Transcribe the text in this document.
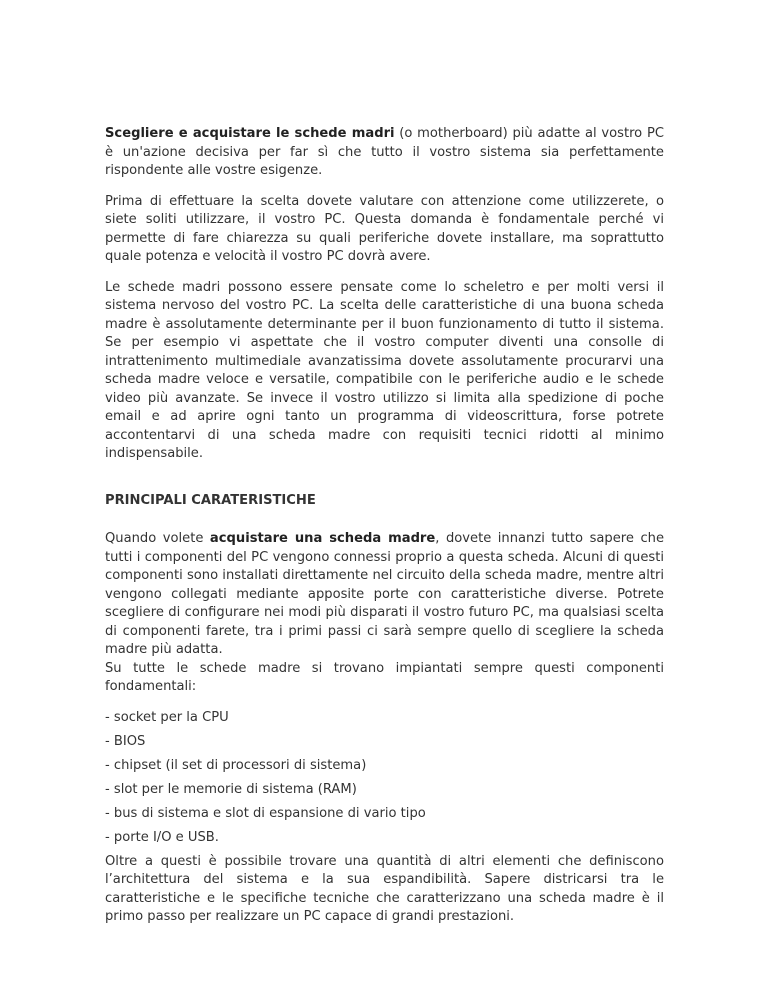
Scegliere e acquistare le schede madri (o motherboard) più adatte al vostro PC è un'azione decisiva per far sì che tutto il vostro sistema sia perfettamente rispondente alle vostre esigenze.

Prima di effettuare la scelta dovete valutare con attenzione come utilizzerete, o siete soliti utilizzare, il vostro PC. Questa domanda è fondamentale perché vi permette di fare chiarezza su quali periferiche dovete installare, ma soprattutto quale potenza e velocità il vostro PC dovrà avere.

Le schede madri possono essere pensate come lo scheletro e per molti versi il sistema nervoso del vostro PC. La scelta delle caratteristiche di una buona scheda madre è assolutamente determinante per il buon funzionamento di tutto il sistema. Se per esempio vi aspettate che il vostro computer diventi una consolle di intrattenimento multimediale avanzatissima dovete assolutamente procurarvi una scheda madre veloce e versatile, compatibile con le periferiche audio e le schede video più avanzate. Se invece il vostro utilizzo si limita alla spedizione di poche email e ad aprire ogni tanto un programma di videoscrittura, forse potrete accontentarvi di una scheda madre con requisiti tecnici ridotti al minimo indispensabile.

PRINCIPALI CARATERISTICHE

Quando volete acquistare una scheda madre, dovete innanzi tutto sapere che tutti i componenti del PC vengono connessi proprio a questa scheda. Alcuni di questi componenti sono installati direttamente nel circuito della scheda madre, mentre altri vengono collegati mediante apposite porte con caratteristiche diverse. Potrete scegliere di configurare nei modi più disparati il vostro futuro PC, ma qualsiasi scelta di componenti farete, tra i primi passi ci sarà sempre quello di scegliere la scheda madre più adatta.
Su tutte le schede madre si trovano impiantati sempre questi componenti fondamentali:
- socket per la CPU
- BIOS
- chipset (il set di processori di sistema)
- slot per le memorie di sistema (RAM)
- bus di sistema e slot di espansione di vario tipo
- porte I/O e USB.

Oltre a questi è possibile trovare una quantità di altri elementi che definiscono l’architettura del sistema e la sua espandibilità. Sapere districarsi tra le caratteristiche e le specifiche tecniche che caratterizzano una scheda madre è il primo passo per realizzare un PC capace di grandi prestazioni.
